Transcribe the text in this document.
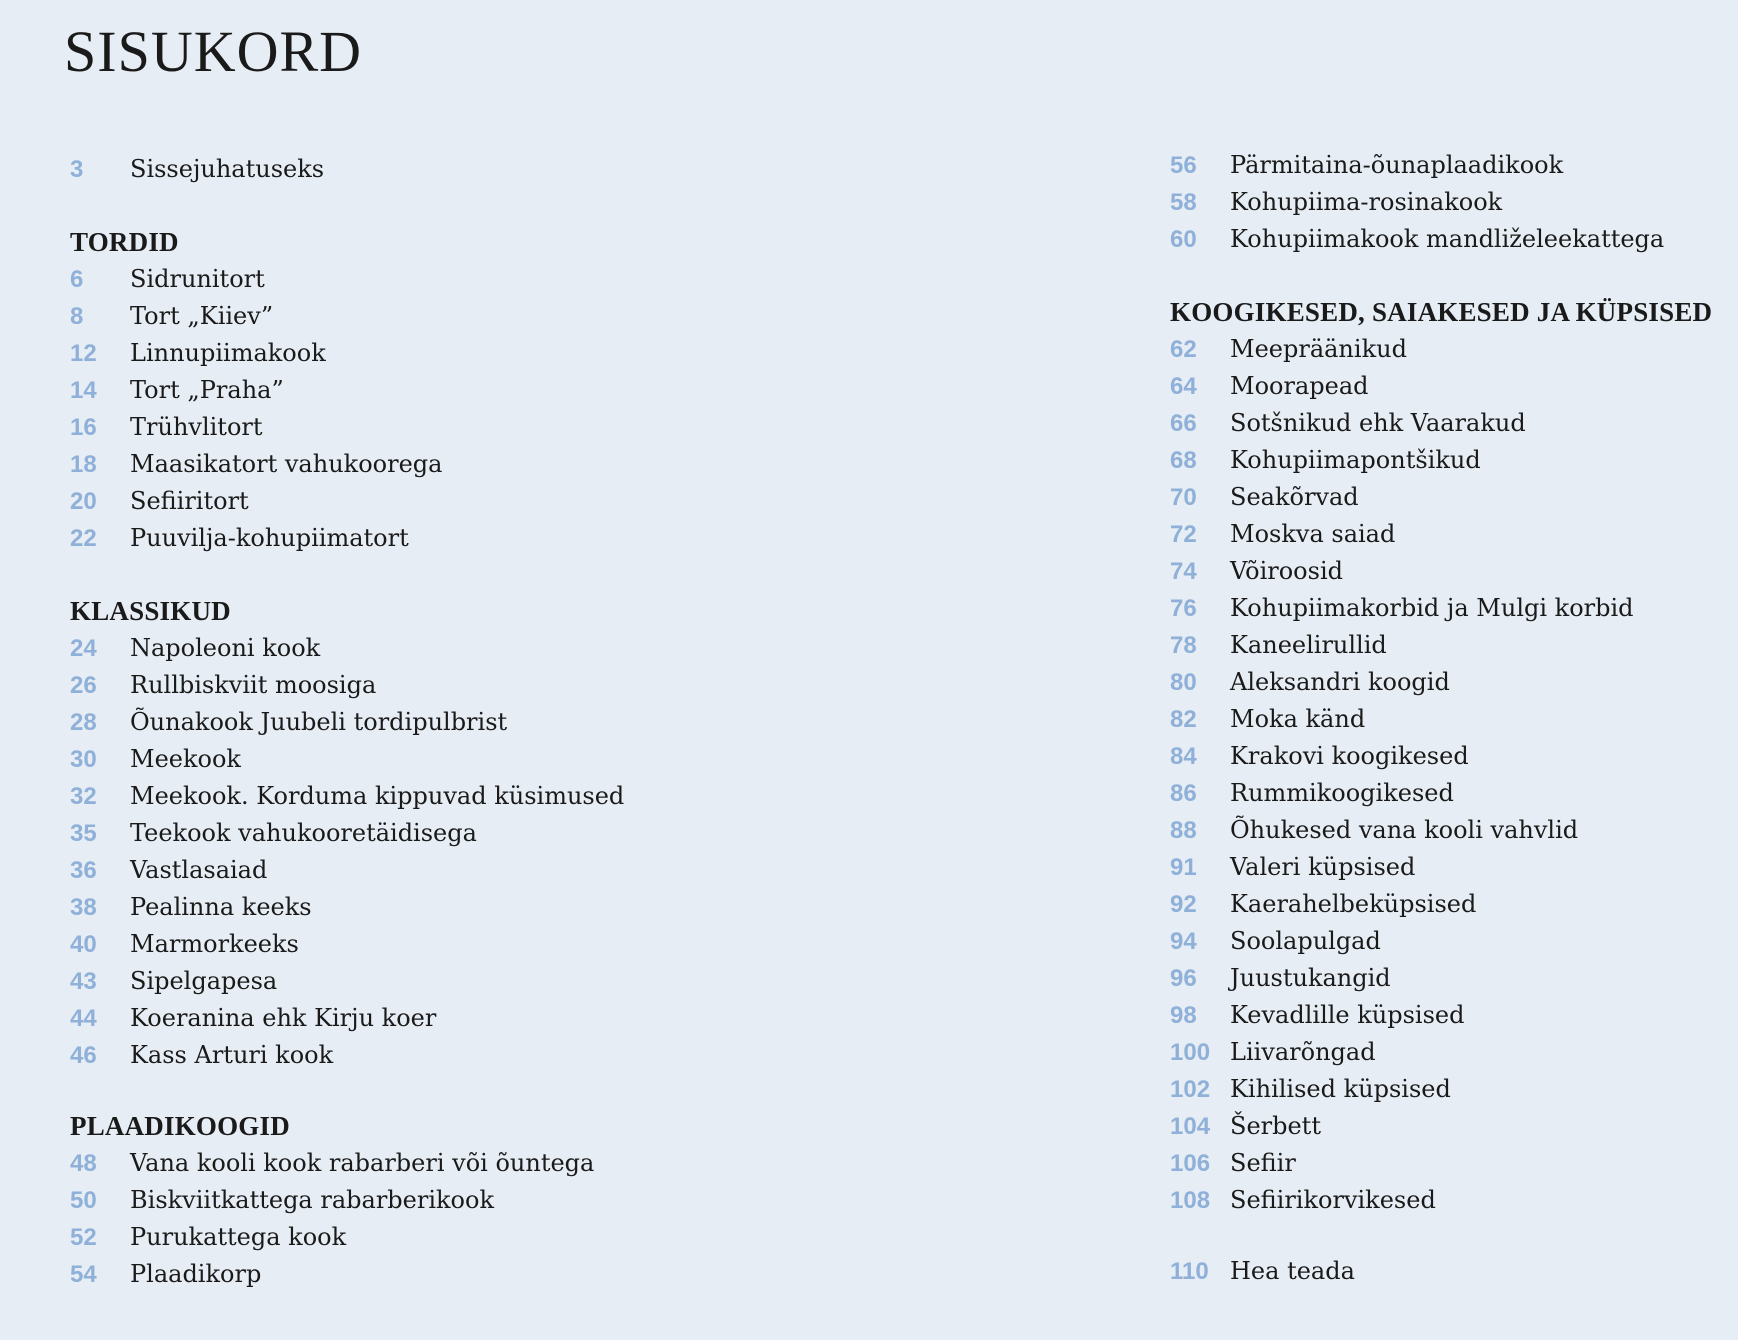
SISUKORD
3 Sissejuhatuseks
TORDID
6 Sidrunitort
8 Tort „Kiiev”
12 Linnupiimakook
14 Tort „Praha”
16 Trühvlitort
18 Maasikatort vahukoorega
20 Sefiiritort
22 Puuvilja-kohupiimatort
KLASSIKUD
24 Napoleoni kook
26 Rullbiskviit moosiga
28 Õunakook Juubeli tordipulbrist
30 Meekook
32 Meekook. Korduma kippuvad küsimused
35 Teekook vahukooretäidisega
36 Vastlasaiad
38 Pealinna keeks
40 Marmorkeeks
43 Sipelgapesa
44 Koeranina ehk Kirju koer
46 Kass Arturi kook
PLAADIKOOGID
48 Vana kooli kook rabarberi või õuntega
50 Biskviitkattega rabarberikook
52 Purukattega kook
54 Plaadikorp
56 Pärmitaina-õunaplaadikook
58 Kohupiima-rosinakook
60 Kohupiimakook mandliželeekattega
KOOGIKESED, SAIAKESED JA KÜPSISED
62 Meepräänikud
64 Moorapead
66 Sotšnikud ehk Vaarakud
68 Kohupiimapontšikud
70 Seakõrvad
72 Moskva saiad
74 Võiroosid
76 Kohupiimakorbid ja Mulgi korbid
78 Kaneelirullid
80 Aleksandri koogid
82 Moka känd
84 Krakovi koogikesed
86 Rummikoogikesed
88 Õhukesed vana kooli vahvlid
91 Valeri küpsised
92 Kaerahelbeküpsised
94 Soolapulgad
96 Juustukangid
98 Kevadlille küpsised
100 Liivarõngad
102 Kihilised küpsised
104 Šerbett
106 Sefiir
108 Sefiirikorvikesed
110 Hea teada
